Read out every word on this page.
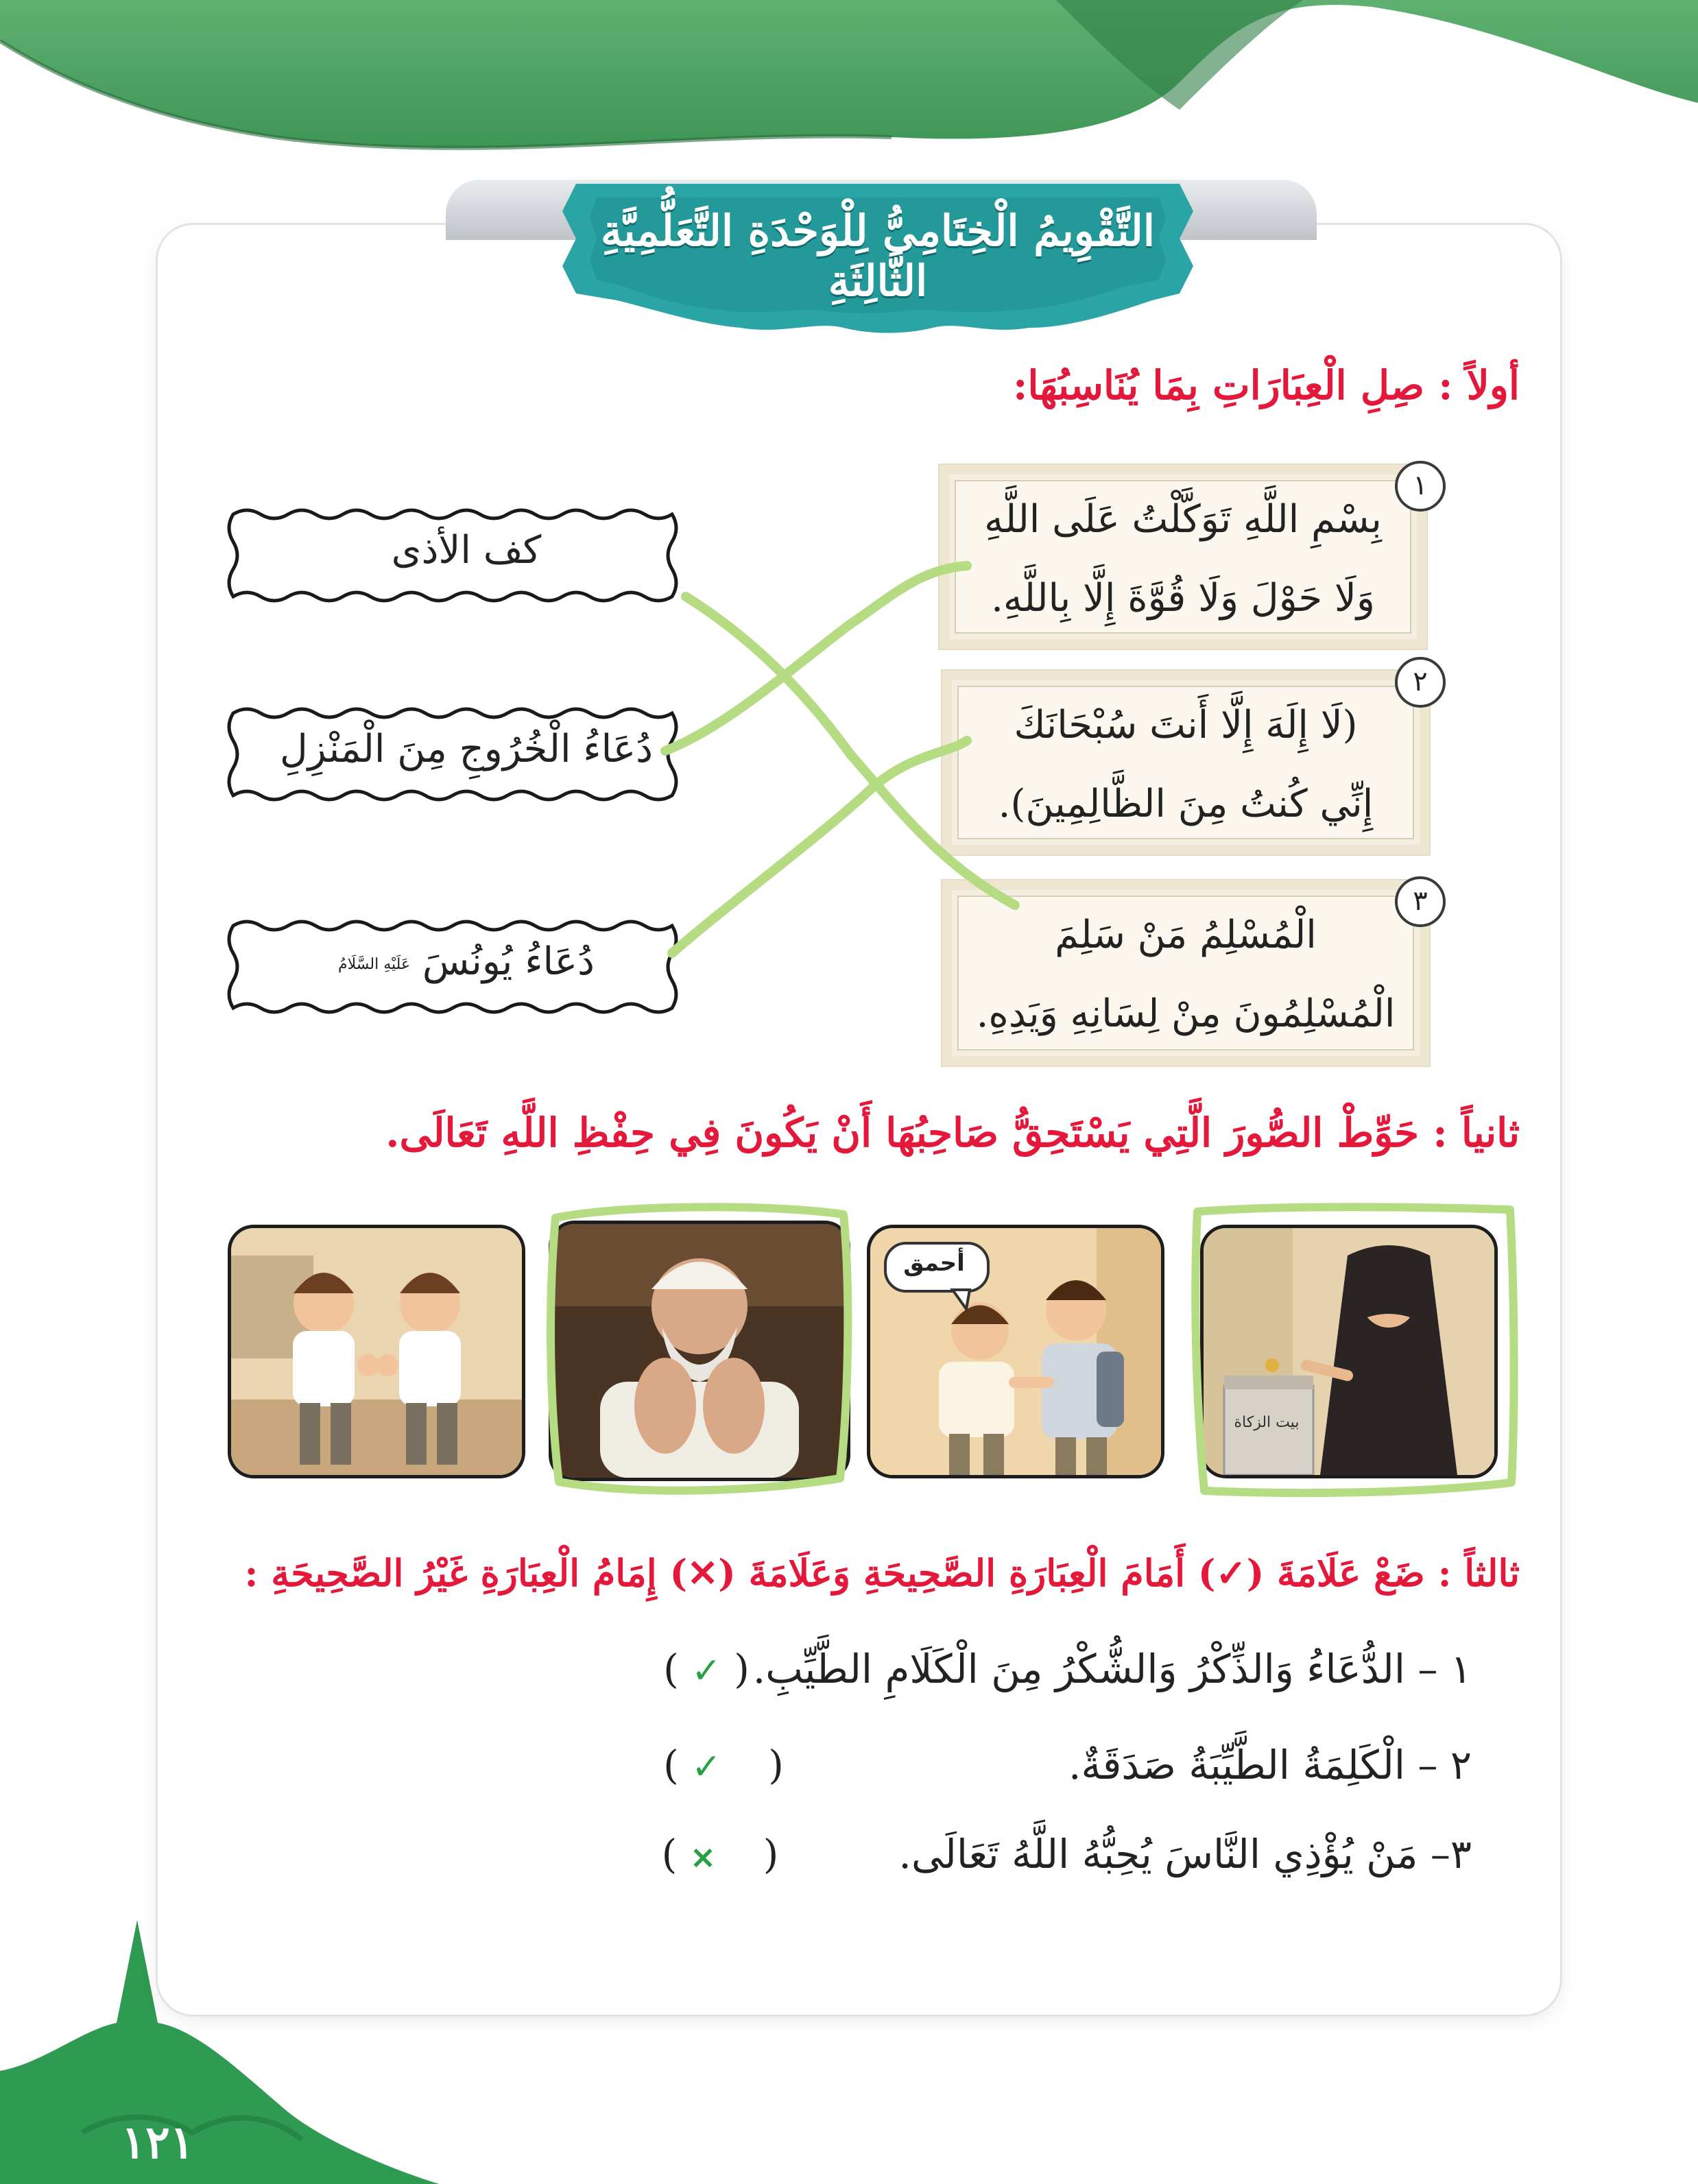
١٢١
التَّقْوِيمُ الْخِتَامِيُّ لِلْوَحْدَةِ التَّعَلُّمِيَّةِ الثَّالِثَةِ
أولاً : صِلِ الْعِبَارَاتِ بِمَا يُنَاسِبُهَا:
بِسْمِ اللَّهِ تَوَكَّلْتُ عَلَى اللَّهِ
وَلَا حَوْلَ وَلَا قُوَّةَ إِلَّا بِاللَّهِ.
١
(لَا إِلَهَ إِلَّا أَنتَ سُبْحَانَكَ
إِنِّي كُنتُ مِنَ الظَّالِمِينَ).
٢
الْمُسْلِمُ مَنْ سَلِمَ
الْمُسْلِمُونَ مِنْ لِسَانِهِ وَيَدِهِ.
٣
كف الأذى
دُعَاءُ الْخُرُوجِ مِنَ الْمَنْزِلِ
دُعَاءُ يُونُسَ عَلَيْهِ السَّلَامُ
ثانياً : حَوِّطْ الصُّورَ الَّتِي يَسْتَحِقُّ صَاحِبُهَا أَنْ يَكُونَ فِي حِفْظِ اللَّهِ تَعَالَى.
أحمق
بيت الزكاة
ثالثاً : ضَعْ عَلَامَةَ (✓) أَمَامَ الْعِبَارَةِ الصَّحِيحَةِ وَعَلَامَةَ (✕) إِمَامُ الْعِبَارَةِ غَيْرُ الصَّحِيحَةِ :
١ – الدُّعَاءُ وَالذِّكْرُ وَالشُّكْرُ مِنَ الْكَلَامِ الطَّيِّبِ.
( ✓ )
٢ – الْكَلِمَةُ الطَّيِّبَةُ صَدَقَةٌ.
( ✓ )
٣– مَنْ يُؤْذِي النَّاسَ يُحِبُّهُ اللَّهُ تَعَالَى.
( × )
